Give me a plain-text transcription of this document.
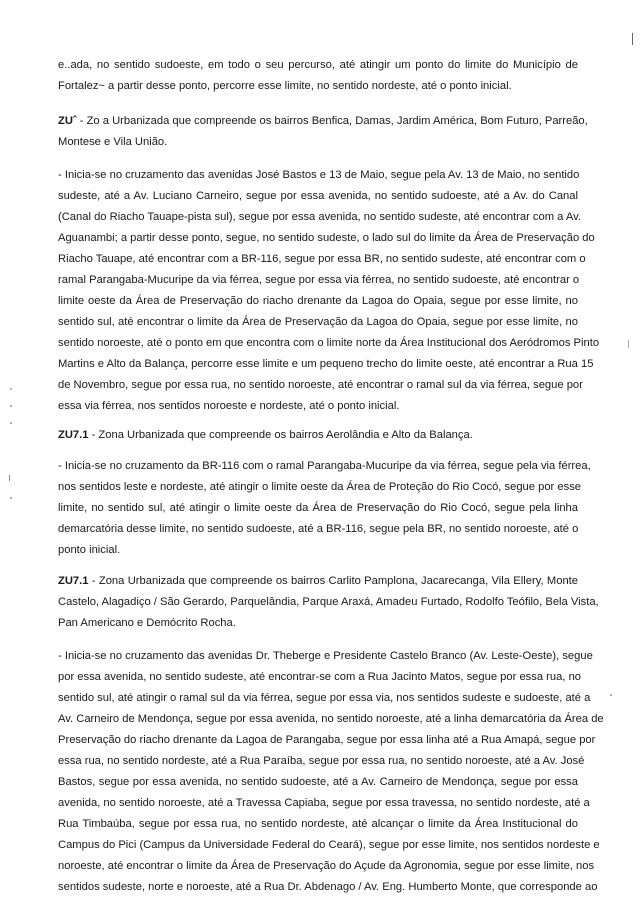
e..ada, no sentido sudoeste, em todo o seu percurso, até atingir um ponto do limite do Município de
Fortalez~ a partir desse ponto, percorre esse limite, no sentido nordeste, até o ponto inicial.
ZUˆ - Zo a Urbanizada que compreende os bairros Benfica, Damas, Jardim América, Bom Futuro, Parreão,
Montese e Vila União.
- Inicia-se no cruzamento das avenidas José Bastos e 13 de Maio, segue pela Av. 13 de Maio, no sentido
sudeste, até a Av. Luciano Carneiro, segue por essa avenida, no sentido sudoeste, até a Av. do Canal
(Canal do Riacho Tauape-pista sul), segue por essa avenida, no sentido sudeste, até encontrar com a Av.
Aguanambi; a partir desse ponto, segue, no sentido sudeste, o lado sul do limite da Área de Preservação do
Riacho Tauape, até encontrar com a BR-116, segue por essa BR, no sentido sudeste, até encontrar com o
ramal Parangaba-Mucuripe da via férrea, segue por essa via férrea, no sentido sudoeste, até encontrar o
limite oeste da Área de Preservação do riacho drenante da Lagoa do Opaia, segue por esse limite, no
sentido sul, até encontrar o limite da Área de Preservação da Lagoa do Opaia, segue por esse limite, no
sentido noroeste, até o ponto em que encontra com o limite norte da Área Institucional dos Aeródromos Pinto
Martins e Alto da Balança, percorre esse limite e um pequeno trecho do limite oeste, até encontrar a Rua 15
de Novembro, segue por essa rua, no sentido noroeste, até encontrar o ramal sul da via férrea, segue por
essa via férrea, nos sentidos noroeste e nordeste, até o ponto inicial.
ZU7.1 - Zona Urbanizada que compreende os bairros Aerolândia e Alto da Balança.
- Inicia-se no cruzamento da BR-116 com o ramal Parangaba-Mucuripe da via férrea, segue pela via férrea,
nos sentidos leste e nordeste, até atingir o limite oeste da Área de Proteção do Rio Cocó, segue por esse
limite, no sentido sul, até atingir o limite oeste da Área de Preservação do Rio Cocó, segue pela linha
demarcatória desse limite, no sentido sudoeste, até a BR-116, segue pela BR, no sentido noroeste, até o
ponto inicial.
ZU7.1 - Zona Urbanizada que compreende os bairros Carlito Pamplona, Jacarecanga, Vila Ellery, Monte
Castelo, Alagadiço / São Gerardo, Parquelândia, Parque Araxá, Amadeu Furtado, Rodolfo Teófilo, Bela Vista,
Pan Americano e Demócrito Rocha.
- Inicia-se no cruzamento das avenidas Dr. Theberge e Presidente Castelo Branco (Av. Leste-Oeste), segue
por essa avenida, no sentido sudeste, até encontrar-se com a Rua Jacinto Matos, segue por essa rua, no
sentido sul, até atingir o ramal sul da via férrea, segue por essa via, nos sentidos sudeste e sudoeste, até a
Av. Carneiro de Mendonça, segue por essa avenida, no sentido noroeste, até a linha demarcatória da Área de
Preservação do riacho drenante da Lagoa de Parangaba, segue por essa linha até a Rua Amapá, segue por
essa rua, no sentido nordeste, até a Rua Paraíba, segue por essa rua, no sentido noroeste, até a Av. José
Bastos, segue por essa avenida, no sentido sudoeste, até a Av. Carneiro de Mendonça, segue por essa
avenida, no sentido noroeste, até a Travessa Capiaba, segue por essa travessa, no sentido nordeste, até a
Rua Timbaúba, segue por essa rua, no sentido nordeste, até alcançar o limite da Área Institucional do
Campus do Pici (Campus da Universidade Federal do Ceará), segue por esse limite, nos sentidos nordeste e
noroeste, até encontrar o limite da Área de Preservação do Açude da Agronomia, segue por esse limite, nos
sentidos sudeste, norte e noroeste, até a Rua Dr. Abdenago / Av. Eng. Humberto Monte, que corresponde ao
